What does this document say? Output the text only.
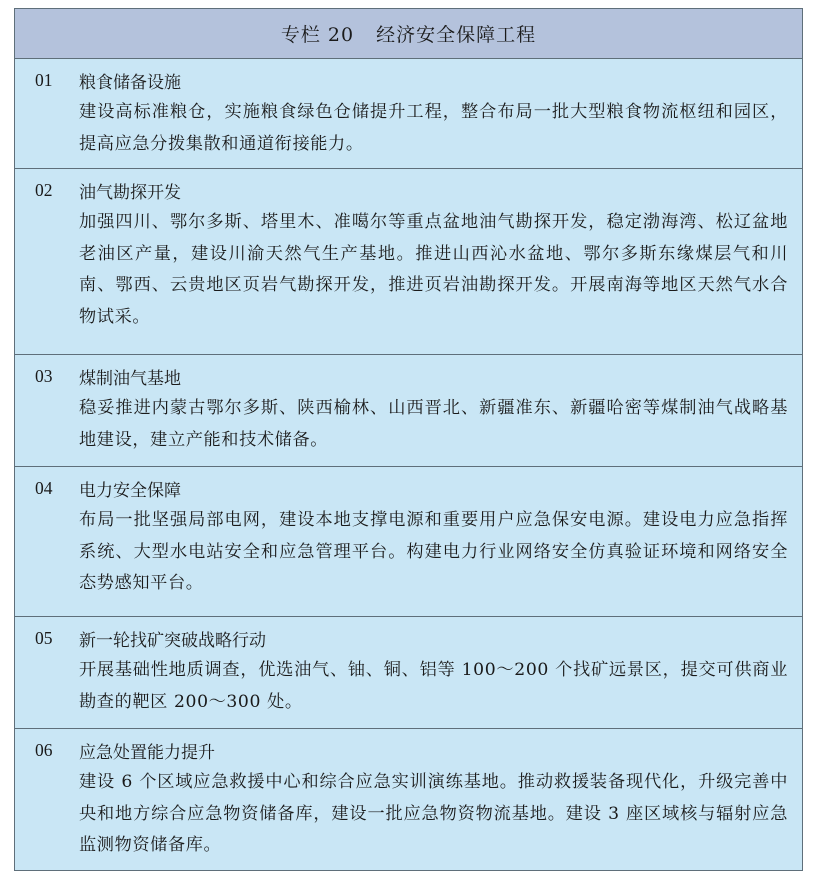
专栏 20 经济安全保障工程
01	粮食储备设施
建设高标准粮仓，实施粮食绿色仓储提升工程，整合布局一批大型粮食物流枢纽和园区，提高应急分拨集散和通道衔接能力。
02	油气勘探开发
加强四川、鄂尔多斯、塔里木、准噶尔等重点盆地油气勘探开发，稳定渤海湾、松辽盆地老油区产量，建设川渝天然气生产基地。推进山西沁水盆地、鄂尔多斯东缘煤层气和川南、鄂西、云贵地区页岩气勘探开发，推进页岩油勘探开发。开展南海等地区天然气水合物试采。
03	煤制油气基地
稳妥推进内蒙古鄂尔多斯、陕西榆林、山西晋北、新疆准东、新疆哈密等煤制油气战略基地建设，建立产能和技术储备。
04	电力安全保障
布局一批坚强局部电网，建设本地支撑电源和重要用户应急保安电源。建设电力应急指挥系统、大型水电站安全和应急管理平台。构建电力行业网络安全仿真验证环境和网络安全态势感知平台。
05	新一轮找矿突破战略行动
开展基础性地质调查，优选油气、铀、铜、铝等 100～200 个找矿远景区，提交可供商业勘查的靶区 200～300 处。
06	应急处置能力提升
建设 6 个区域应急救援中心和综合应急实训演练基地。推动救援装备现代化，升级完善中央和地方综合应急物资储备库，建设一批应急物资物流基地。建设 3 座区域核与辐射应急监测物资储备库。
